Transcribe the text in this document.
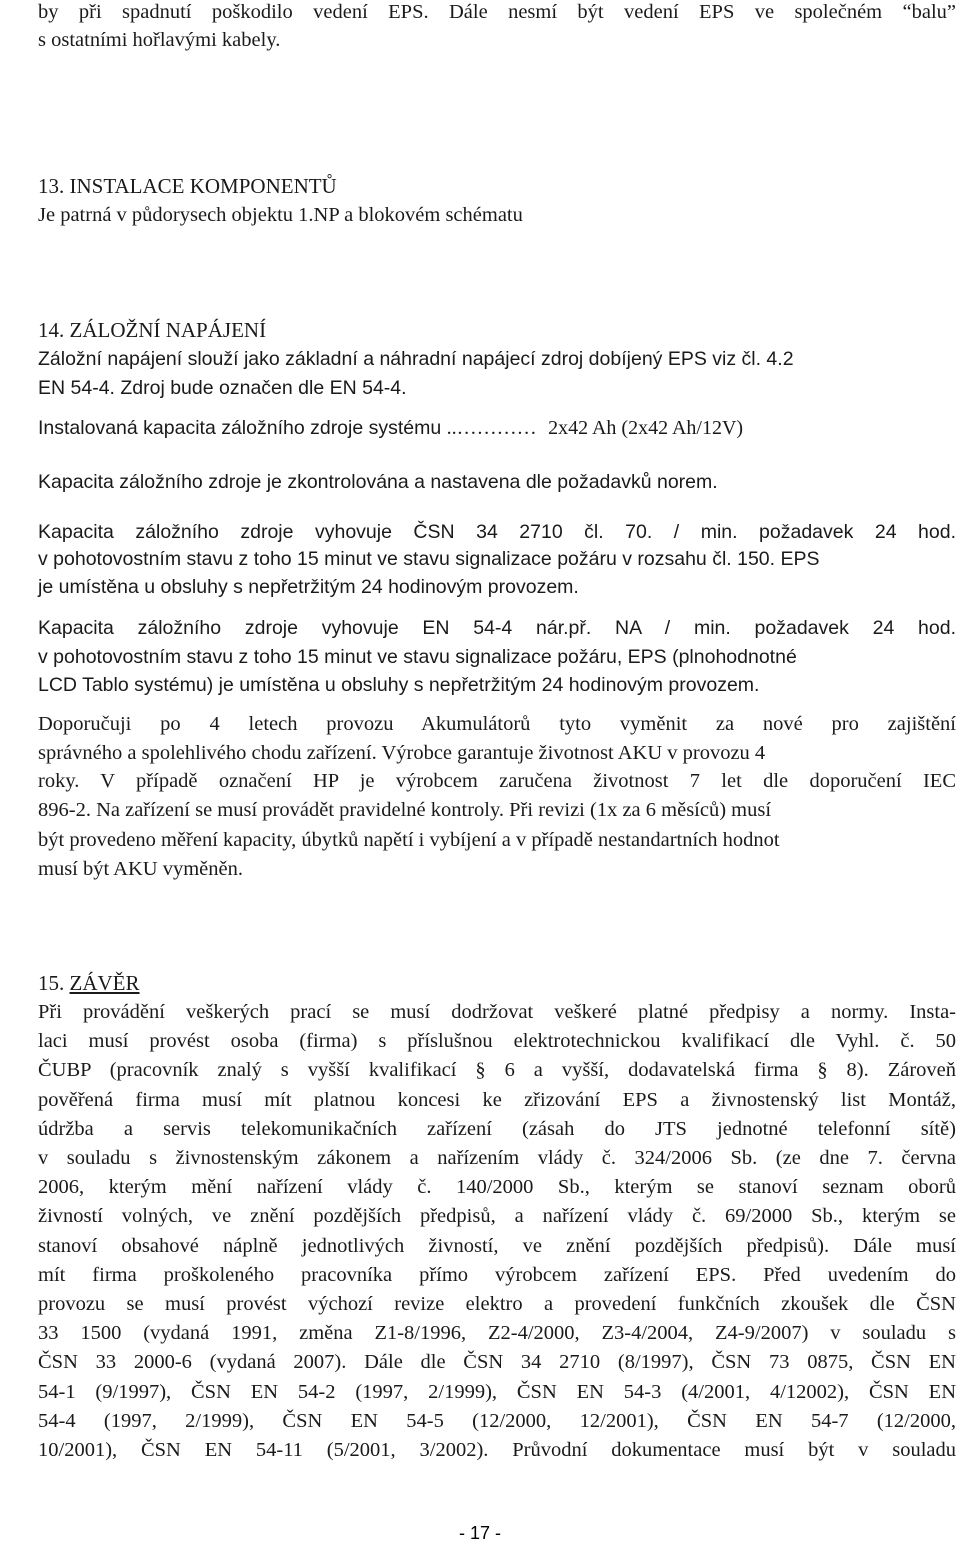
by při spadnutí poškodilo vedení EPS. Dále nesmí být vedení EPS ve společném “balu”
s ostatními hořlavými kabely.
13. INSTALACE KOMPONENTŮ
Je patrná v půdorysech objektu 1.NP a blokovém schématu
14. ZÁLOŽNÍ NAPÁJENÍ
Záložní napájení slouží jako základní a náhradní napájecí zdroj dobíjený EPS viz čl. 4.2
EN 54-4. Zdroj bude označen dle EN 54-4.
Instalovaná kapacita záložního zdroje systému ..………… 2x42 Ah (2x42 Ah/12V)
Kapacita záložního zdroje je zkontrolována a nastavena dle požadavků norem.
Kapacita záložního zdroje vyhovuje ČSN 34 2710 čl. 70. / min. požadavek 24 hod.
v pohotovostním stavu z toho 15 minut ve stavu signalizace požáru v rozsahu čl. 150. EPS
je umístěna u obsluhy s nepřetržitým 24 hodinovým provozem.
Kapacita záložního zdroje vyhovuje EN 54-4 nár.př. NA / min. požadavek 24 hod.
v pohotovostním stavu z toho 15 minut ve stavu signalizace požáru, EPS (plnohodnotné
LCD Tablo systému) je umístěna u obsluhy s nepřetržitým 24 hodinovým provozem.
Doporučuji po 4 letech provozu Akumulátorů tyto vyměnit za nové pro zajištění
správného a spolehlivého chodu zařízení. Výrobce garantuje životnost AKU v provozu 4
roky. V případě označení HP je výrobcem zaručena životnost 7 let dle doporučení IEC
896-2. Na zařízení se musí provádět pravidelné kontroly. Při revizi (1x za 6 měsíců) musí
být provedeno měření kapacity, úbytků napětí i vybíjení a v případě nestandartních hodnot
musí být AKU vyměněn.
15. ZÁVĚR
Při provádění veškerých prací se musí dodržovat veškeré platné předpisy a normy. Insta-
laci musí provést osoba (firma) s příslušnou elektrotechnickou kvalifikací dle Vyhl. č. 50
ČUBP (pracovník znalý s vyšší kvalifikací § 6 a vyšší, dodavatelská firma § 8). Zároveň
pověřená firma musí mít platnou koncesi ke zřizování EPS a živnostenský list Montáž,
údržba a servis telekomunikačních zařízení (zásah do JTS jednotné telefonní sítě)
v souladu s živnostenským zákonem a nařízením vlády č. 324/2006 Sb. (ze dne 7. června
2006, kterým mění nařízení vlády č. 140/2000 Sb., kterým se stanoví seznam oborů
živností volných, ve znění pozdějších předpisů, a nařízení vlády č. 69/2000 Sb., kterým se
stanoví obsahové náplně jednotlivých živností, ve znění pozdějších předpisů). Dále musí
mít firma proškoleného pracovníka přímo výrobcem zařízení EPS. Před uvedením do
provozu se musí provést výchozí revize elektro a provedení funkčních zkoušek dle ČSN
33 1500 (vydaná 1991, změna Z1-8/1996, Z2-4/2000, Z3-4/2004, Z4-9/2007) v souladu s
ČSN 33 2000-6 (vydaná 2007). Dále dle ČSN 34 2710 (8/1997), ČSN 73 0875, ČSN EN
54-1 (9/1997), ČSN EN 54-2 (1997, 2/1999), ČSN EN 54-3 (4/2001, 4/12002), ČSN EN
54-4 (1997, 2/1999), ČSN EN 54-5 (12/2000, 12/2001), ČSN EN 54-7 (12/2000,
10/2001), ČSN EN 54-11 (5/2001, 3/2002). Průvodní dokumentace musí být v souladu
- 17 -
